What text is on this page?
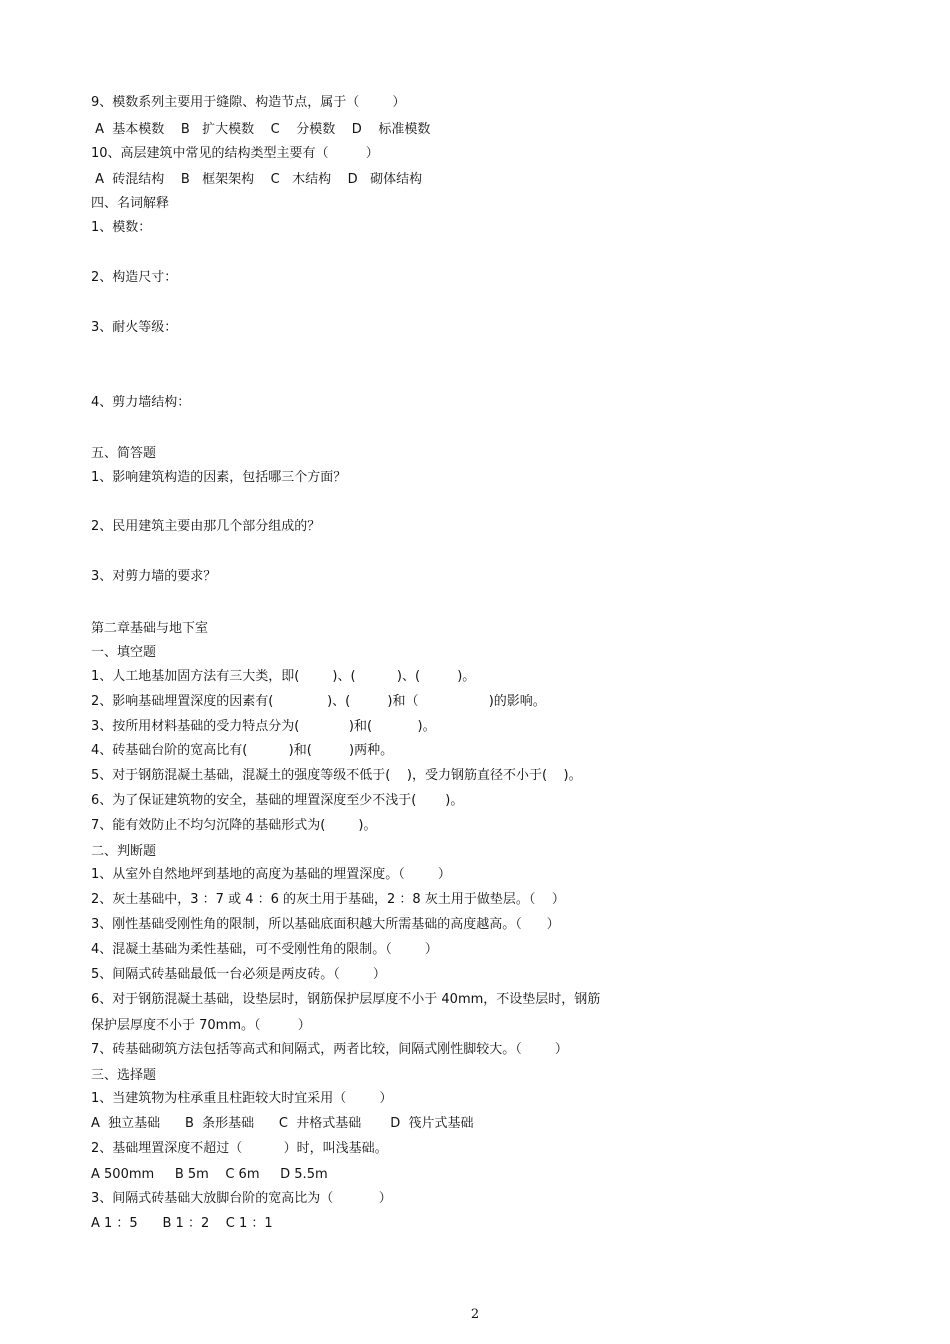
9、模数系列主要用于缝隙、构造节点，属于（        ）
A  基本模数    B   扩大模数    C    分模数    D    标准模数
10、高层建筑中常见的结构类型主要有（         ）
A  砖混结构    B   框架架构    C   木结构    D   砌体结构
四、名词解释
1、模数：
2、构造尺寸：
3、耐火等级：
4、剪力墙结构：
五、简答题
1、影响建筑构造的因素，包括哪三个方面？
2、民用建筑主要由那几个部分组成的？
3、对剪力墙的要求？
第二章基础与地下室
一、填空题
1、人工地基加固方法有三大类，即(        )、(          )、(         )。
2、影响基础埋置深度的因素有(             )、(         )和（                 )的影响。
3、按所用材料基础的受力特点分为(            )和(           )。
4、砖基础台阶的宽高比有(          )和(         )两种。
5、对于钢筋混凝土基础，混凝土的强度等级不低于(    )，受力钢筋直径不小于(    )。
6、为了保证建筑物的安全，基础的埋置深度至少不浅于(       )。
7、能有效防止不均匀沉降的基础形式为(        )。
二、判断题
1、从室外自然地坪到基地的高度为基础的埋置深度。（        ）
2、灰土基础中，3 ：7 或 4 ：6 的灰土用于基础，2 ：8 灰土用于做垫层。（    ）
3、刚性基础受刚性角的限制，所以基础底面积越大所需基础的高度越高。（      ）
4、混凝土基础为柔性基础，可不受刚性角的限制。（        ）
5、间隔式砖基础最低一台必须是两皮砖。（        ）
6、对于钢筋混凝土基础，设垫层时，钢筋保护层厚度不小于 40mm，不设垫层时，钢筋
保护层厚度不小于 70mm。（         ）
7、砖基础砌筑方法包括等高式和间隔式，两者比较，间隔式刚性脚较大。（        ）
三、选择题
1、当建筑物为柱承重且柱距较大时宜采用（        ）
A  独立基础      B  条形基础      C  井格式基础       D  筏片式基础
2、基础埋置深度不超过（          ）时，叫浅基础。
A 500mm     B 5m    C 6m     D 5.5m
3、间隔式砖基础大放脚台阶的宽高比为（           ）
A 1 ：5      B 1 ：2    C 1 ：1
2
